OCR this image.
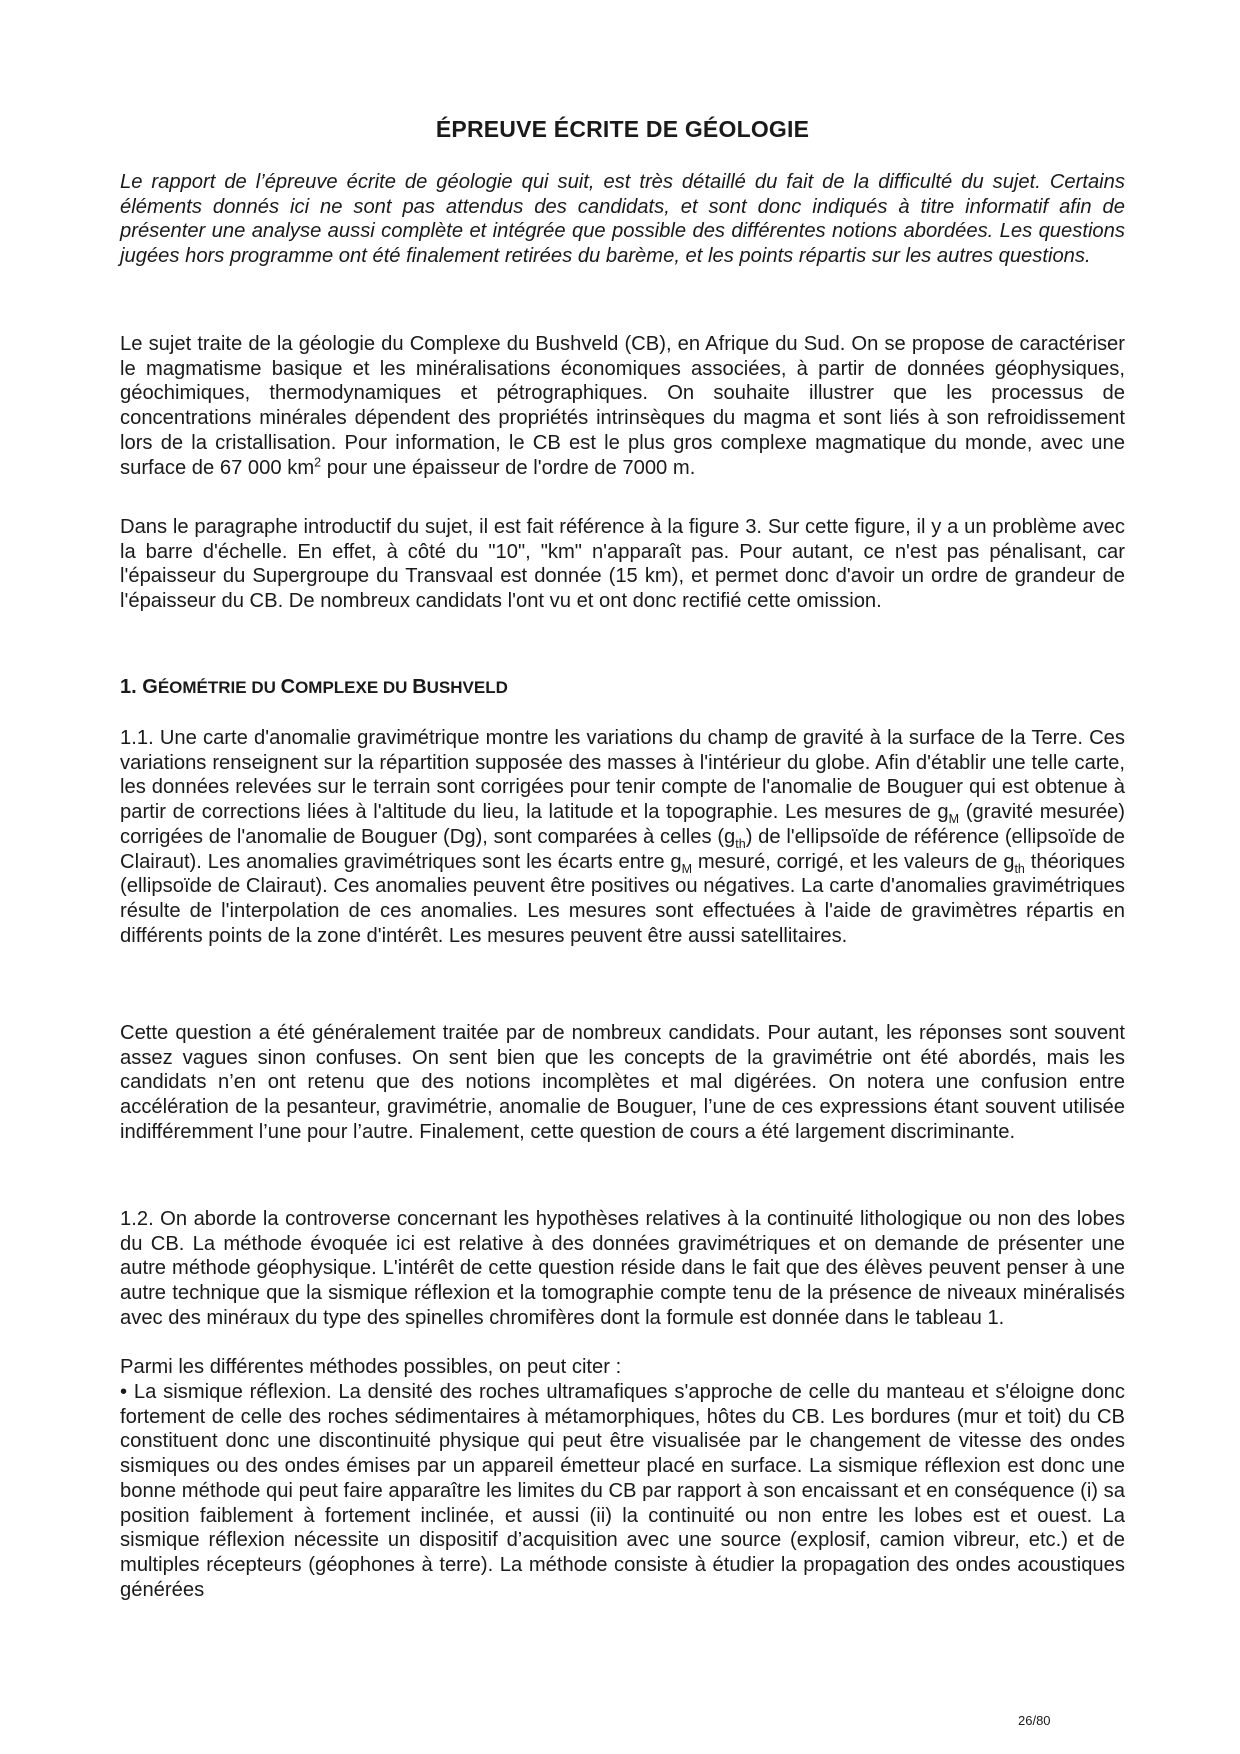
ÉPREUVE ÉCRITE DE GÉOLOGIE

Le rapport de l’épreuve écrite de géologie qui suit, est très détaillé du fait de la difficulté du sujet. Certains éléments donnés ici ne sont pas attendus des candidats, et sont donc indiqués à titre informatif afin de présenter une analyse aussi complète et intégrée que possible des différentes notions abordées. Les questions jugées hors programme ont été finalement retirées du barème, et les points répartis sur les autres questions.

Le sujet traite de la géologie du Complexe du Bushveld (CB), en Afrique du Sud. On se propose de caractériser le magmatisme basique et les minéralisations économiques associées, à partir de données géophysiques, géochimiques, thermodynamiques et pétrographiques. On souhaite illustrer que les processus de concentrations minérales dépendent des propriétés intrinsèques du magma et sont liés à son refroidissement lors de la cristallisation. Pour information, le CB est le plus gros complexe magmatique du monde, avec une surface de 67 000 $km^2$ pour une épaisseur de l'ordre de 7000 m.

Dans le paragraphe introductif du sujet, il est fait référence à la figure 3. Sur cette figure, il y a un problème avec la barre d'échelle. En effet, à côté du "10", "km" n'apparaît pas. Pour autant, ce n'est pas pénalisant, car l'épaisseur du Supergroupe du Transvaal est donnée (15 km), et permet donc d'avoir un ordre de grandeur de l'épaisseur du CB. De nombreux candidats l'ont vu et ont donc rectifié cette omission.

1. GÉOMÉTRIE DU COMPLEXE DU BUSHVELD

1.1. Une carte d'anomalie gravimétrique montre les variations du champ de gravité à la surface de la Terre. Ces variations renseignent sur la répartition supposée des masses à l'intérieur du globe. Afin d'établir une telle carte, les données relevées sur le terrain sont corrigées pour tenir compte de l'anomalie de Bouguer qui est obtenue à partir de corrections liées à l'altitude du lieu, la latitude et la topographie. Les mesures de $g_M$ (gravité mesurée) corrigées de l'anomalie de Bouguer (Dg), sont comparées à celles $(g_{th})$ de l'ellipsoïde de référence (ellipsoïde de Clairaut). Les anomalies gravimétriques sont les écarts entre $g_M$ mesuré, corrigé, et les valeurs de $g_{th}$ théoriques (ellipsoïde de Clairaut). Ces anomalies peuvent être positives ou négatives. La carte d'anomalies gravimétriques résulte de l'interpolation de ces anomalies. Les mesures sont effectuées à l'aide de gravimètres répartis en différents points de la zone d'intérêt. Les mesures peuvent être aussi satellitaires.

Cette question a été généralement traitée par de nombreux candidats. Pour autant, les réponses sont souvent assez vagues sinon confuses. On sent bien que les concepts de la gravimétrie ont été abordés, mais les candidats n’en ont retenu que des notions incomplètes et mal digérées. On notera une confusion entre accélération de la pesanteur, gravimétrie, anomalie de Bouguer, l’une de ces expressions étant souvent utilisée indifféremment l’une pour l’autre. Finalement, cette question de cours a été largement discriminante.

1.2. On aborde la controverse concernant les hypothèses relatives à la continuité lithologique ou non des lobes du CB. La méthode évoquée ici est relative à des données gravimétriques et on demande de présenter une autre méthode géophysique. L'intérêt de cette question réside dans le fait que des élèves peuvent penser à une autre technique que la sismique réflexion et la tomographie compte tenu de la présence de niveaux minéralisés avec des minéraux du type des spinelles chromifères dont la formule est donnée dans le tableau 1.

Parmi les différentes méthodes possibles, on peut citer :

• La sismique réflexion. La densité des roches ultramafiques s'approche de celle du manteau et s'éloigne donc fortement de celle des roches sédimentaires à métamorphiques, hôtes du CB. Les bordures (mur et toit) du CB constituent donc une discontinuité physique qui peut être visualisée par le changement de vitesse des ondes sismiques ou des ondes émises par un appareil émetteur placé en surface. La sismique réflexion est donc une bonne méthode qui peut faire apparaître les limites du CB par rapport à son encaissant et en conséquence (i) sa position faiblement à fortement inclinée, et aussi (ii) la continuité ou non entre les lobes est et ouest. La sismique réflexion nécessite un dispositif d’acquisition avec une source (explosif, camion vibreur, etc.) et de multiples récepteurs (géophones à terre). La méthode consiste à étudier la propagation des ondes acoustiques générées

26/80
